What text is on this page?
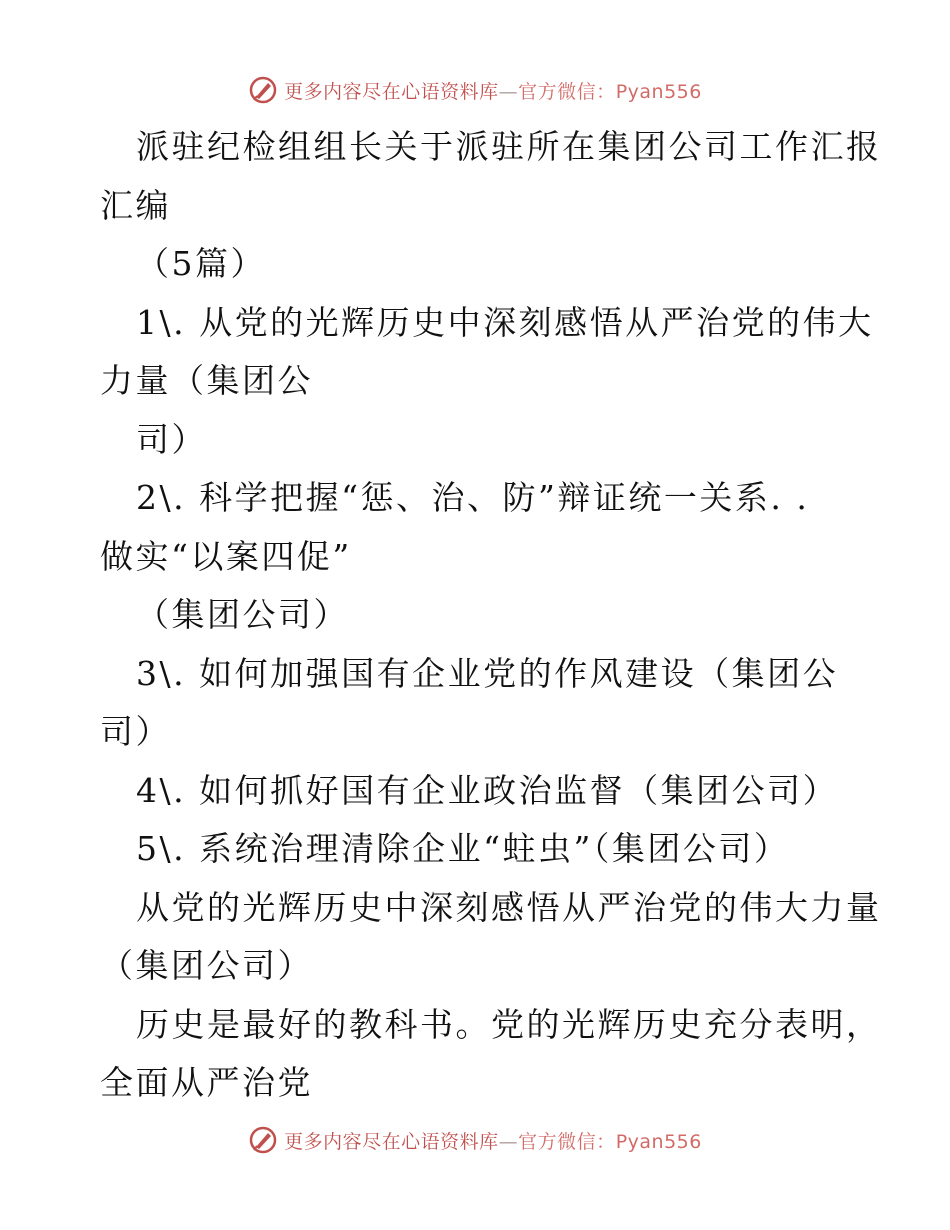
更多内容尽在心语资料库—官方微信：Pyan556
派驻纪检组组长关于派驻所在集团公司工作汇报
汇编
（5篇）
1\. 从党的光辉历史中深刻感悟从严治党的伟大
力量（集团公
司）
2\. 科学把握“惩、治、防”辩证统一关系. .
做实“以案四促”
（集团公司）
3\. 如何加强国有企业党的作风建设（集团公
司）
4\. 如何抓好国有企业政治监督（集团公司）
5\. 系统治理清除企业“蛀虫”（集团公司）
从党的光辉历史中深刻感悟从严治党的伟大力量
（集团公司）
历史是最好的教科书。党的光辉历史充分表明，
全面从严治党
更多内容尽在心语资料库—官方微信：Pyan556
